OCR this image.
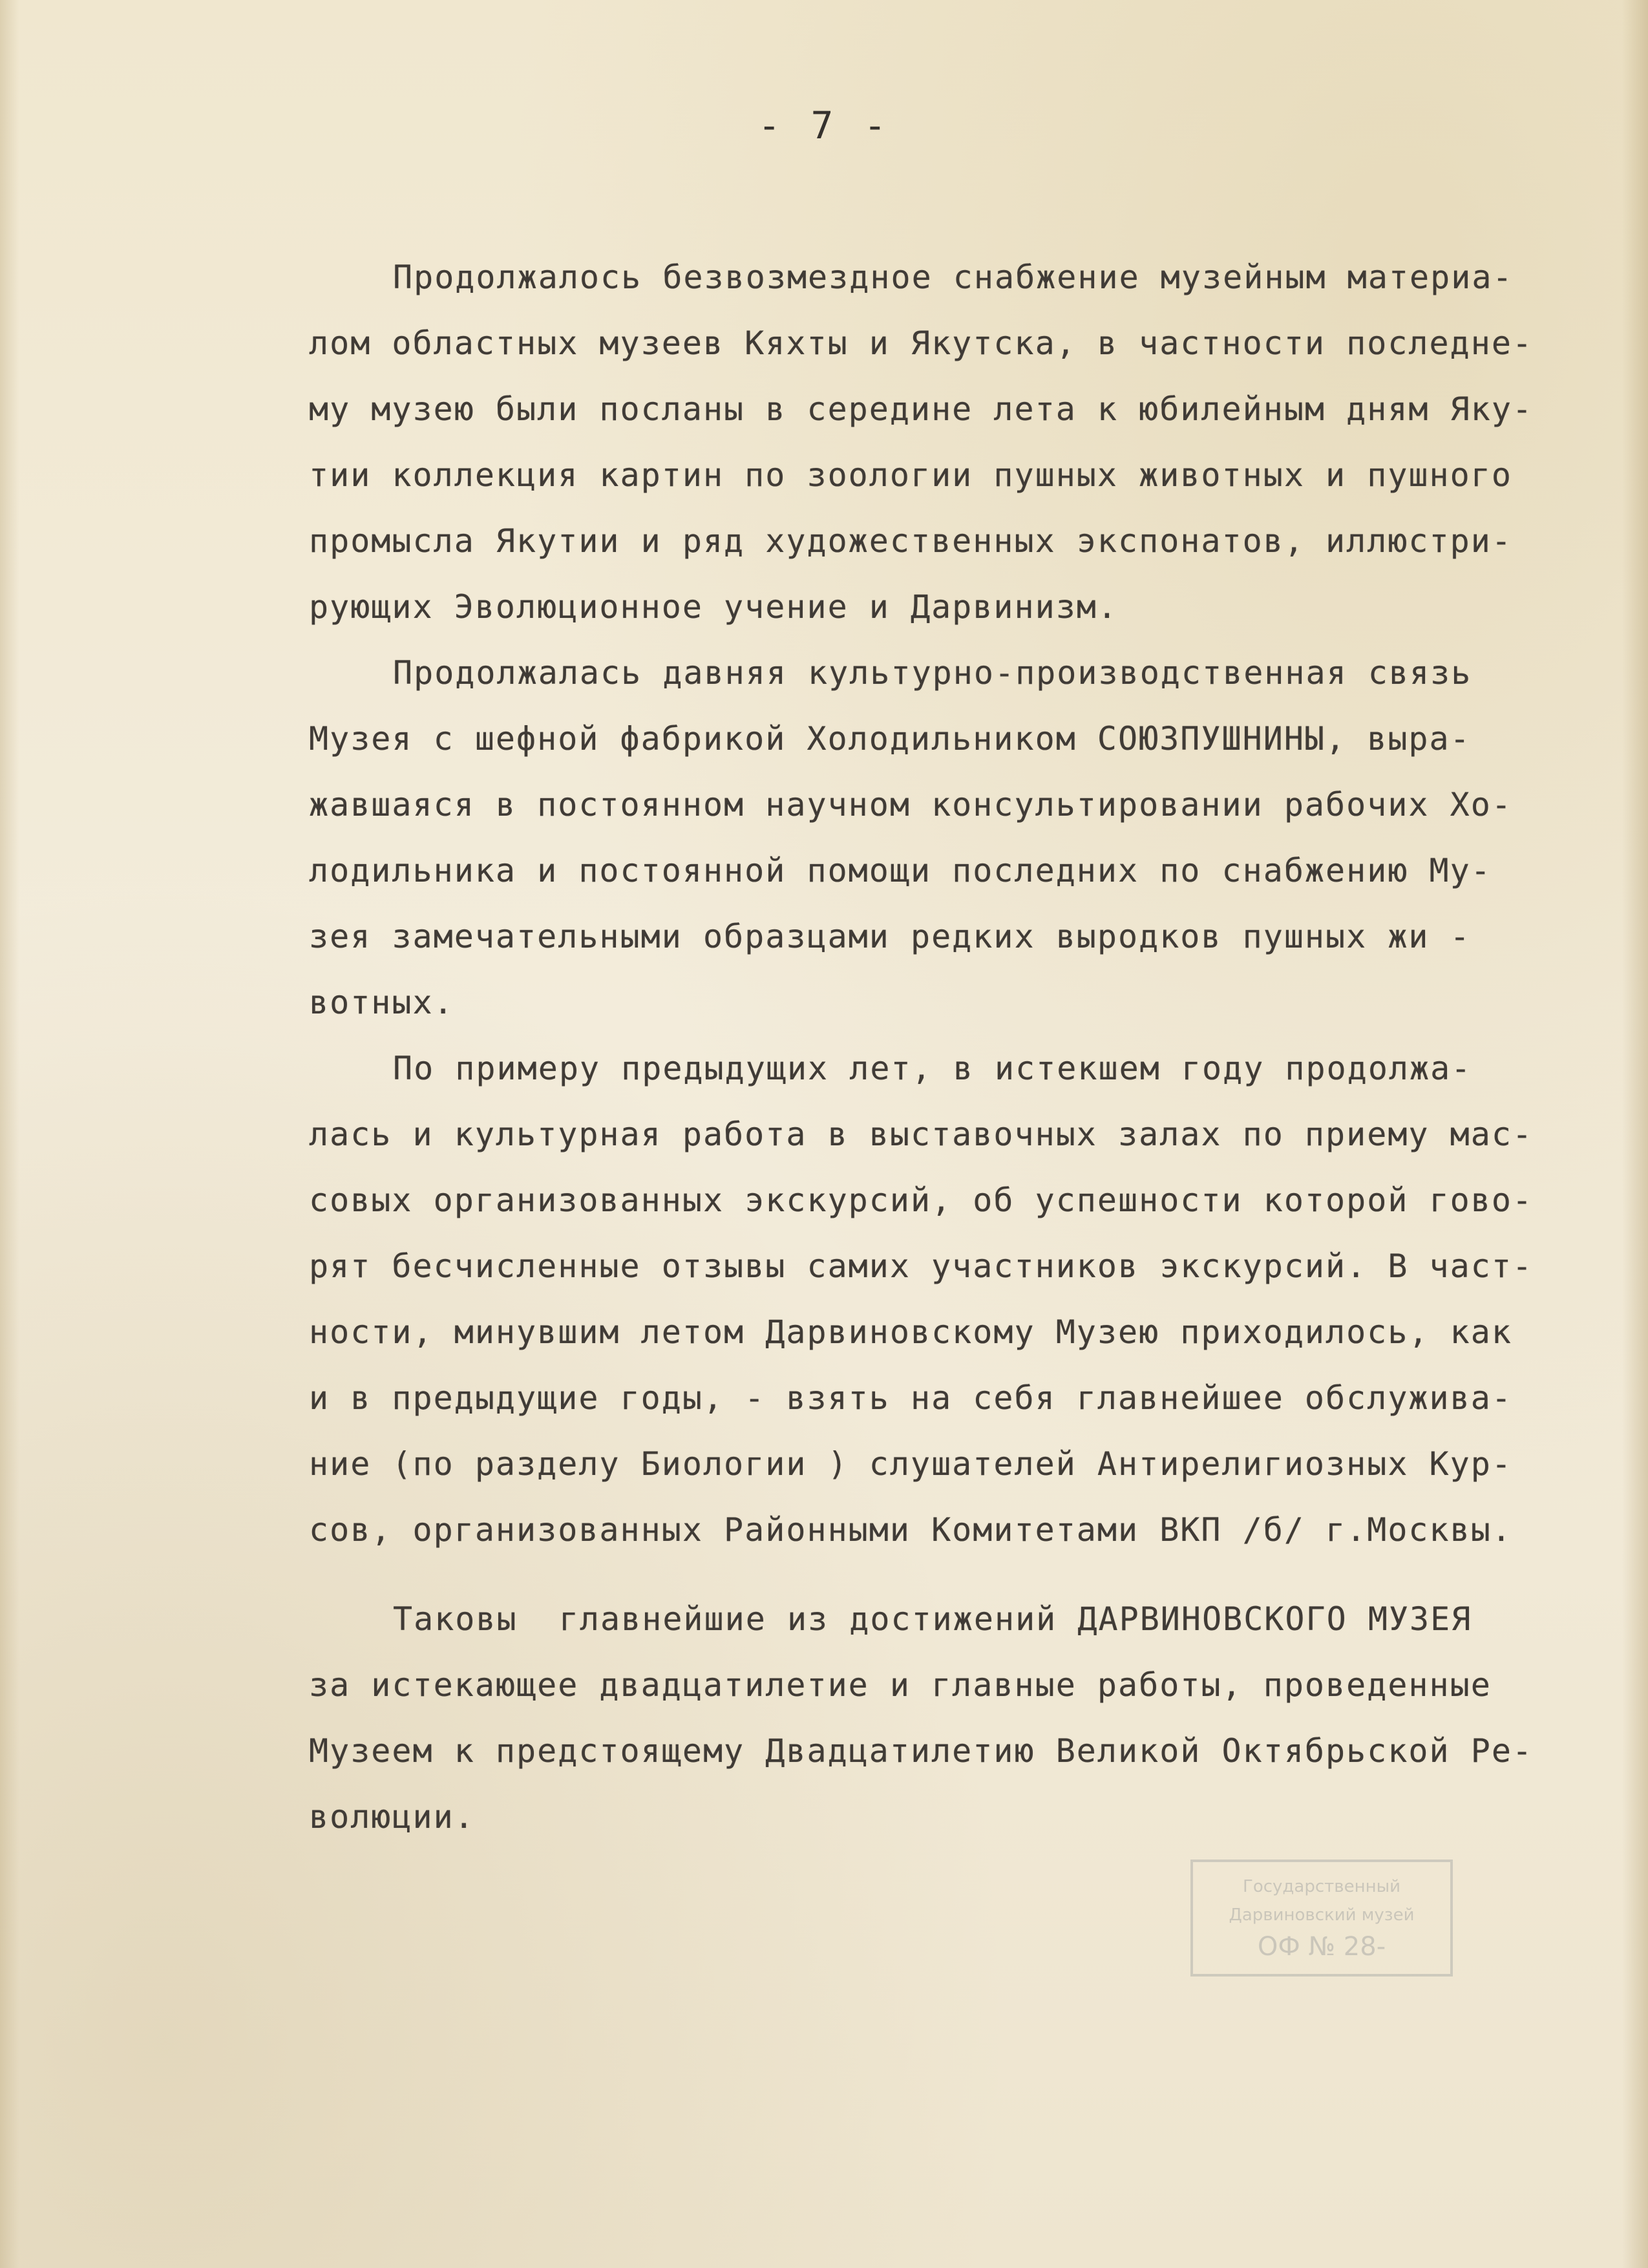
- 7 -
Продолжалось безвозмездное снабжение музейным материа-
лом областных музеев Кяхты и Якутска, в частности последне-
му музею были посланы в середине лета к юбилейным дням Яку-
тии коллекция картин по зоологии пушных животных и пушного
промысла Якутии и ряд художественных экспонатов, иллюстри-
рующих Эволюционное учение и Дарвинизм.
Продолжалась давняя культурно-производственная связь
Музея с шефной фабрикой Холодильником СОЮЗПУШНИНЫ, выра-
жавшаяся в постоянном научном консультировании рабочих Хо-
лодильника и постоянной помощи последних по снабжению Му-
зея замечательными образцами редких выродков пушных жи -
вотных.
По примеру предыдущих лет, в истекшем году продолжа-
лась и культурная работа в выставочных залах по приему мас-
совых организованных экскурсий, об успешности которой гово-
рят бесчисленные отзывы самих участников экскурсий. В част-
ности, минувшим летом Дарвиновскому Музею приходилось, как
и в предыдущие годы, - взять на себя главнейшее обслужива-
ние (по разделу Биологии ) слушателей Антирелигиозных Кур-
сов, организованных Районными Комитетами ВКП /б/ г.Москвы.
Таковы  главнейшие из достижений ДАРВИНОВСКОГО МУЗЕЯ
за истекающее двадцатилетие и главные работы, проведенные
Музеем к предстоящему Двадцатилетию Великой Октябрьской Ре-
волюции.
Государственный
Дарвиновский музей
ОФ № 28-
